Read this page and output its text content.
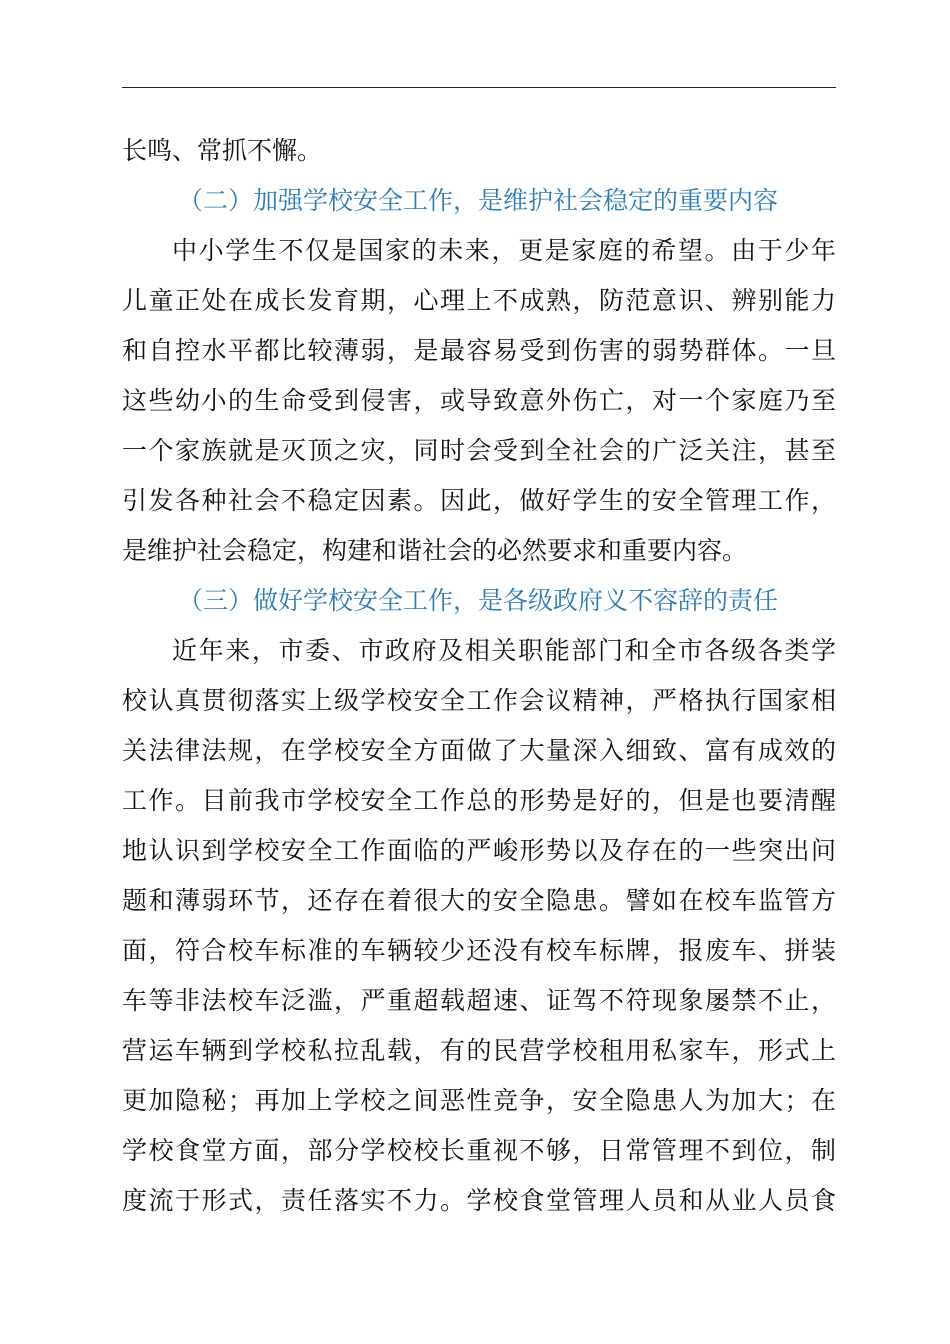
长鸣、常抓不懈。
（二）加强学校安全工作，是维护社会稳定的重要内容
中小学生不仅是国家的未来，更是家庭的希望。由于少年
儿童正处在成长发育期，心理上不成熟，防范意识、辨别能力
和自控水平都比较薄弱，是最容易受到伤害的弱势群体。一旦
这些幼小的生命受到侵害，或导致意外伤亡，对一个家庭乃至
一个家族就是灭顶之灾，同时会受到全社会的广泛关注，甚至
引发各种社会不稳定因素。因此，做好学生的安全管理工作，
是维护社会稳定，构建和谐社会的必然要求和重要内容。
（三）做好学校安全工作，是各级政府义不容辞的责任
近年来，市委、市政府及相关职能部门和全市各级各类学
校认真贯彻落实上级学校安全工作会议精神，严格执行国家相
关法律法规，在学校安全方面做了大量深入细致、富有成效的
工作。目前我市学校安全工作总的形势是好的，但是也要清醒
地认识到学校安全工作面临的严峻形势以及存在的一些突出问
题和薄弱环节，还存在着很大的安全隐患。譬如在校车监管方
面，符合校车标准的车辆较少还没有校车标牌，报废车、拼装
车等非法校车泛滥，严重超载超速、证驾不符现象屡禁不止，
营运车辆到学校私拉乱载，有的民营学校租用私家车，形式上
更加隐秘；再加上学校之间恶性竞争，安全隐患人为加大；在
学校食堂方面，部分学校校长重视不够，日常管理不到位，制
度流于形式，责任落实不力。学校食堂管理人员和从业人员食
